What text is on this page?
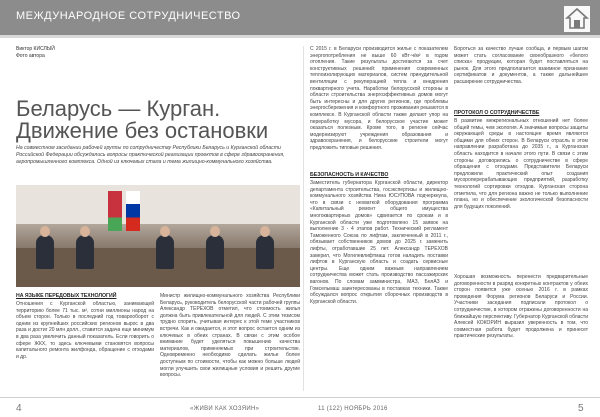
МЕЖДУНАРОДНОЕ СОТРУДНИЧЕСТВО
Виктор КИСЛЫЙ
Фото автора
Беларусь — Курган.
Движение без остановки
На совместном заседании рабочей группы по сотрудничеству Республики Беларусь и Курганской области Российской Федерации обсуждались вопросы практической реализации проектов в сфере здравоохранения, агропромышленного комплекса. Одной из ключевых стала и тема жилищно-коммунального хозяйства.
НА ЯЗЫКЕ ПЕРЕДОВЫХ ТЕХНОЛОГИЙ
Отношения с Курганской областью, занимающей территорию более 71 тыс. м², сотни миллионы народ на объем сторон. Только в последний год товарооборот с одним из крупнейших российских регионов вырос в два раза и достиг 20 млн долл., ставится задача еще минимум в два раза увеличить данный показатель. Если говорить о сфере ЖКХ, то здесь ключевыми становятся вопросы капитального ремонта жилфонда, обращение с отходами и др.
Министр жилищно-коммунального хозяйства Республики Беларусь, руководитель белорусской части рабочей группы Александр ТЕРЕХОВ отметил, что стоимость жилья должна быть привлекательной для людей. С этим тезисом трудно спорить, учитывая интерес к этой теме участников встречи. Как и ожидается, и этот вопрос остается одним из ключевых в обеих странах. В связи с этим особое внимание будет уделяться повышению качества материалов, применяемых при строительстве. Одновременно необходимо сделать жилье более доступным по стоимости, чтобы как можно больше людей могли улучшить свои жилищные условия и решить другие вопросы.
С 2015 г. в Беларуси производится жилье с показателем энергопотребления не выше 60 кВт·ч/м² в годом отопления. Такие результаты достигаются за счет конструктивных решений: применения современных теплоизолирующих материалов, систем принудительной вентиляции с рекуперацией тепла и внедрения поквартирного учета. Наработки белорусской стороны в области строительства энергоэффективных домов могут быть интересны и для других регионов, где проблемы энергосбережения и комфортного проживания решаются в комплексе. В Курганской области также делают упор на переработку мусора, и белорусское участие может оказаться полезным. Кроме того, в регионе сейчас модернизируют учреждения образования и здравоохранения, и белорусские строители могут предложить типовые решения.
БЕЗОПАСНОСТЬ И КАЧЕСТВО
Заместитель губернатора Курганской области, директор департамента строительства, госэкспертизы и жилищно-коммунального хозяйства Нина ЮСУПОВА подчеркнула, что в связи с нехваткой оборудования программа «Капитальный ремонт общего имущества многоквартирных домов» сдвигается по срокам и в Курганской области уже подготовлено 15 заявок на выполнение 3 - 4 этапов работ. Технический регламент Таможенного Союза по лифтам, заключенный в 2011 г., обязывает собственников домов до 2025 г. заменить лифты, отработавшие 25 лет. Александр ТЕРЕХОВ заверил, что Могилевлифтмаш готов наладить поставки лифтов в Курганскую область и создать сервисные центры. Еще одним важным направлением сотрудничества может стать производство пассажирских вагонов. По словам замминистра, МАЗ, БелАЗ и Гомсельмаш заинтересованы в поставках техники. Также обсуждался вопрос открытия сборочных производств в Курганской области.
Бороться за качество лучше сообща, и первым шагом может стать согласование своеобразного «белого списка» продукции, которая будет поставляться на рынок. Для этого предполагается взаимное признание сертификатов и документов, а также дальнейшее расширение сотрудничества.
ПРОТОКОЛ О СОТРУДНИЧЕСТВЕ
В развитие межрегиональных отношений нет более общей темы, чем экология. А значимые вопросы защиты окружающей среды в настоящее время являются общими для обеих сторон. В Беларуси отрасль в этом направлении разработана до 2035 г., а Курганская область находится в начале этого пути. В связи с этим стороны договорились о сотрудничестве в сфере обращения с отходами. Представители Беларуси предложили практический опыт создания мусороперерабатывающих предприятий, разработку технологий сортировки отходов. Курганская сторона отметила, что для региона важно не только выполнение плана, но и обеспечение экологической безопасности для будущих поколений.
Хорошая возможность перенести предварительные договоренности в разряд конкретных контрактов у обеих сторон появится уже осенью 2016 г. в рамках проведения Форума регионов Беларуси и России. Участники заседания подписали протокол о сотрудничестве, в котором отражены договоренности на ближайшую перспективу. Губернатор Курганской области Алексей КОКОРИН выразил уверенность в том, что совместная работа будет продолжена и принесет практические результаты.
4	«ЖИВИ КАК ХОЗЯИН»	11 (122) НОЯБРЬ 2016	5
